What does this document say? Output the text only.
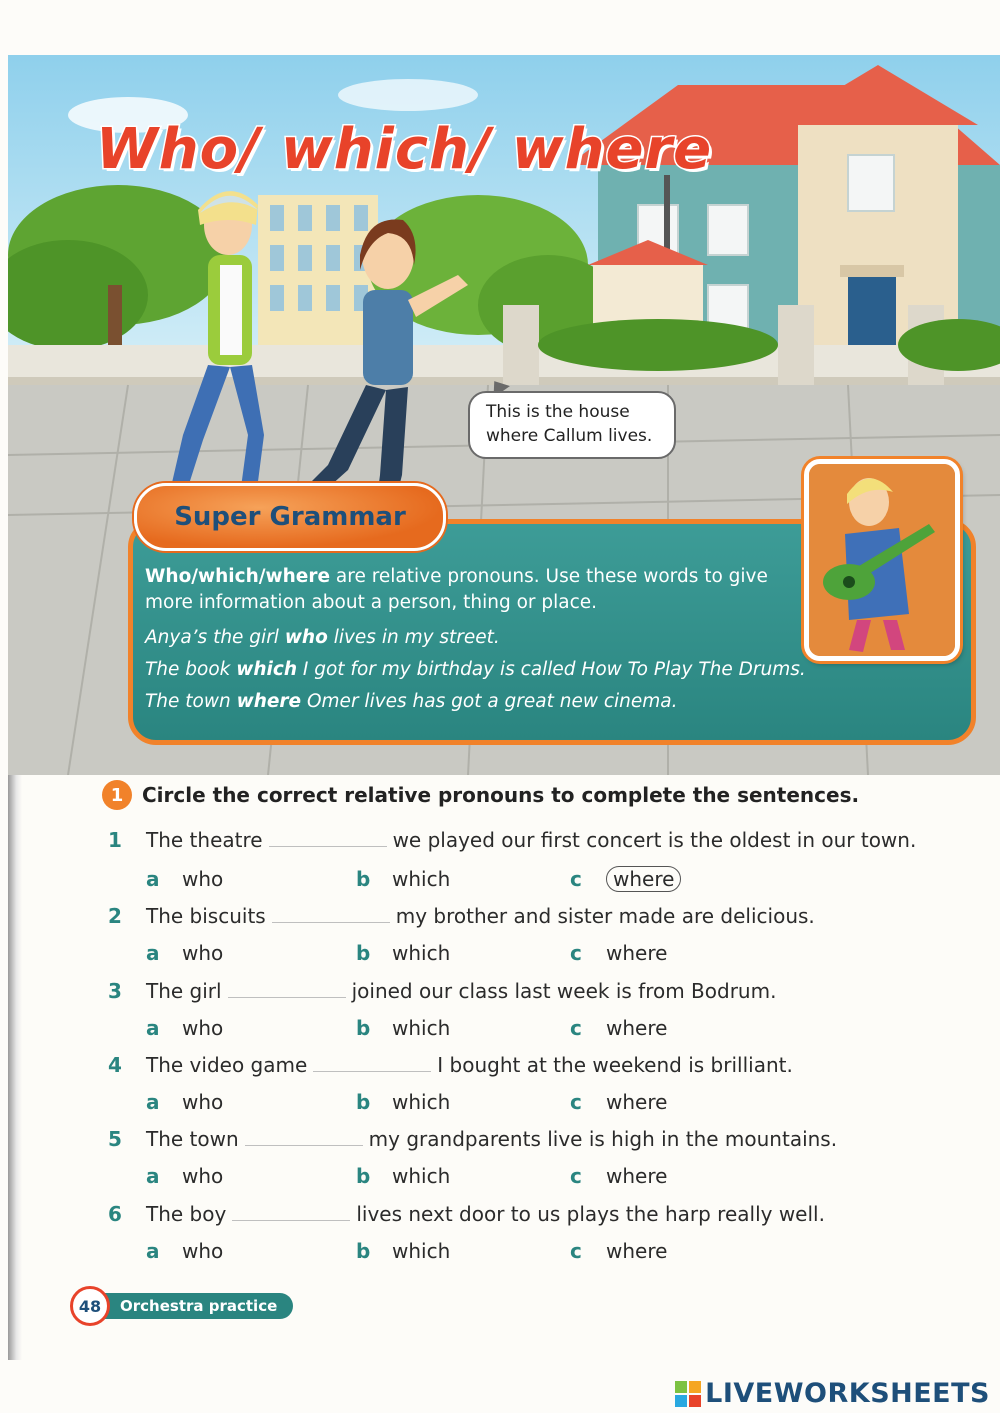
Who/ which/ where
This is the house where Callum lives.
Who/which/where are relative pronouns. Use these words to give more information about a person, thing or place.
Anya’s the girl who lives in my street.
The book which I got for my birthday is called How To Play The Drums.
The town where Omer lives has got a great new cinema.
Super Grammar
1 Circle the correct relative pronouns to complete the sentences.
1 The theatre	we played our first concert is the oldest in our town.
a who	b which	c where
2 The biscuits	my brother and sister made are delicious.
a who	b which	c where
3 The girl	joined our class last week is from Bodrum.
a who	b which	c where
4 The video game	I bought at the weekend is brilliant.
a who	b which	c where
5 The town	my grandparents live is high in the mountains.
a who	b which	c where
6 The boy	lives next door to us plays the harp really well.
a who	b which	c where
48	Orchestra practice
LIVEWORKSHEETS
